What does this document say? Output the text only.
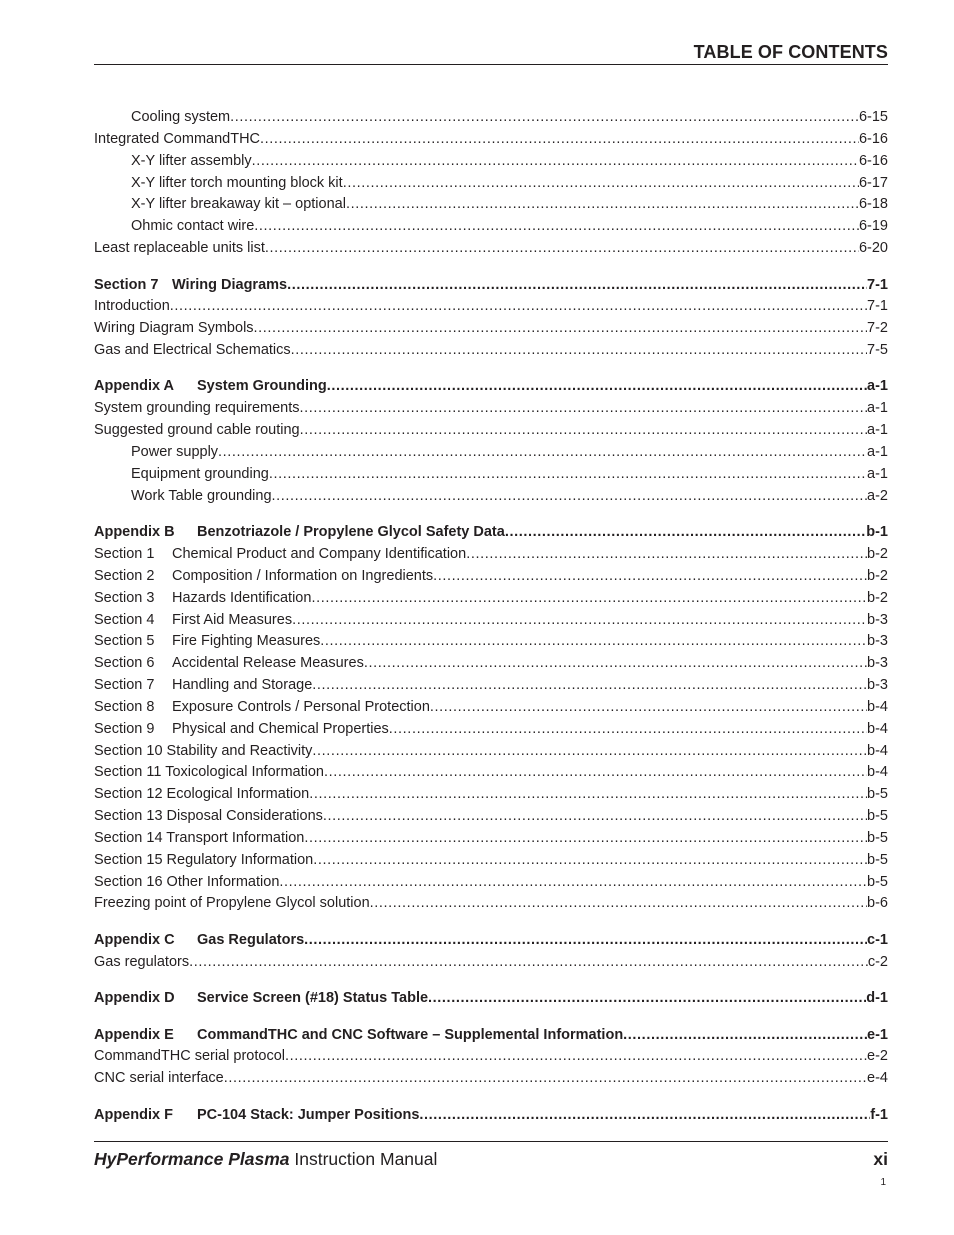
TABLE OF CONTENTS
Cooling system .....	6-15
Integrated CommandTHC .....	6-16
X-Y lifter assembly .....	6-16
X-Y lifter torch mounting block kit .....	6-17
X-Y lifter breakaway kit – optional .....	6-18
Ohmic contact wire .....	6-19
Least replaceable units list .....	6-20
Section 7 Wiring Diagrams .....	7-1
Introduction .....	7-1
Wiring Diagram Symbols .....	7-2
Gas and Electrical Schematics .....	7-5
Appendix A System Grounding .....	a-1
System grounding requirements .....	a-1
Suggested ground cable routing .....	a-1
Power supply .....	a-1
Equipment grounding .....	a-1
Work Table grounding .....	a-2
Appendix B Benzotriazole / Propylene Glycol Safety Data .....	b-1
Section 1 Chemical Product and Company Identification .....	b-2
Section 2 Composition / Information on Ingredients .....	b-2
Section 3 Hazards Identification .....	b-2
Section 4 First Aid Measures .....	b-3
Section 5 Fire Fighting Measures .....	b-3
Section 6 Accidental Release Measures .....	b-3
Section 7 Handling and Storage .....	b-3
Section 8 Exposure Controls / Personal Protection .....	b-4
Section 9 Physical and Chemical Properties .....	b-4
Section 10 Stability and Reactivity .....	b-4
Section 11 Toxicological Information .....	b-4
Section 12 Ecological Information .....	b-5
Section 13 Disposal Considerations .....	b-5
Section 14 Transport Information .....	b-5
Section 15 Regulatory Information .....	b-5
Section 16 Other Information .....	b-5
Freezing point of Propylene Glycol solution .....	b-6
Appendix C Gas Regulators .....	c-1
Gas regulators .....	c-2
Appendix D Service Screen (#18) Status Table .....	d-1
Appendix E CommandTHC and CNC Software – Supplemental Information .....	e-1
CommandTHC serial protocol .....	e-2
CNC serial interface .....	e-4
Appendix F PC-104 Stack: Jumper Positions .....	f-1
HyPerformance Plasma Instruction Manual	xi
1
